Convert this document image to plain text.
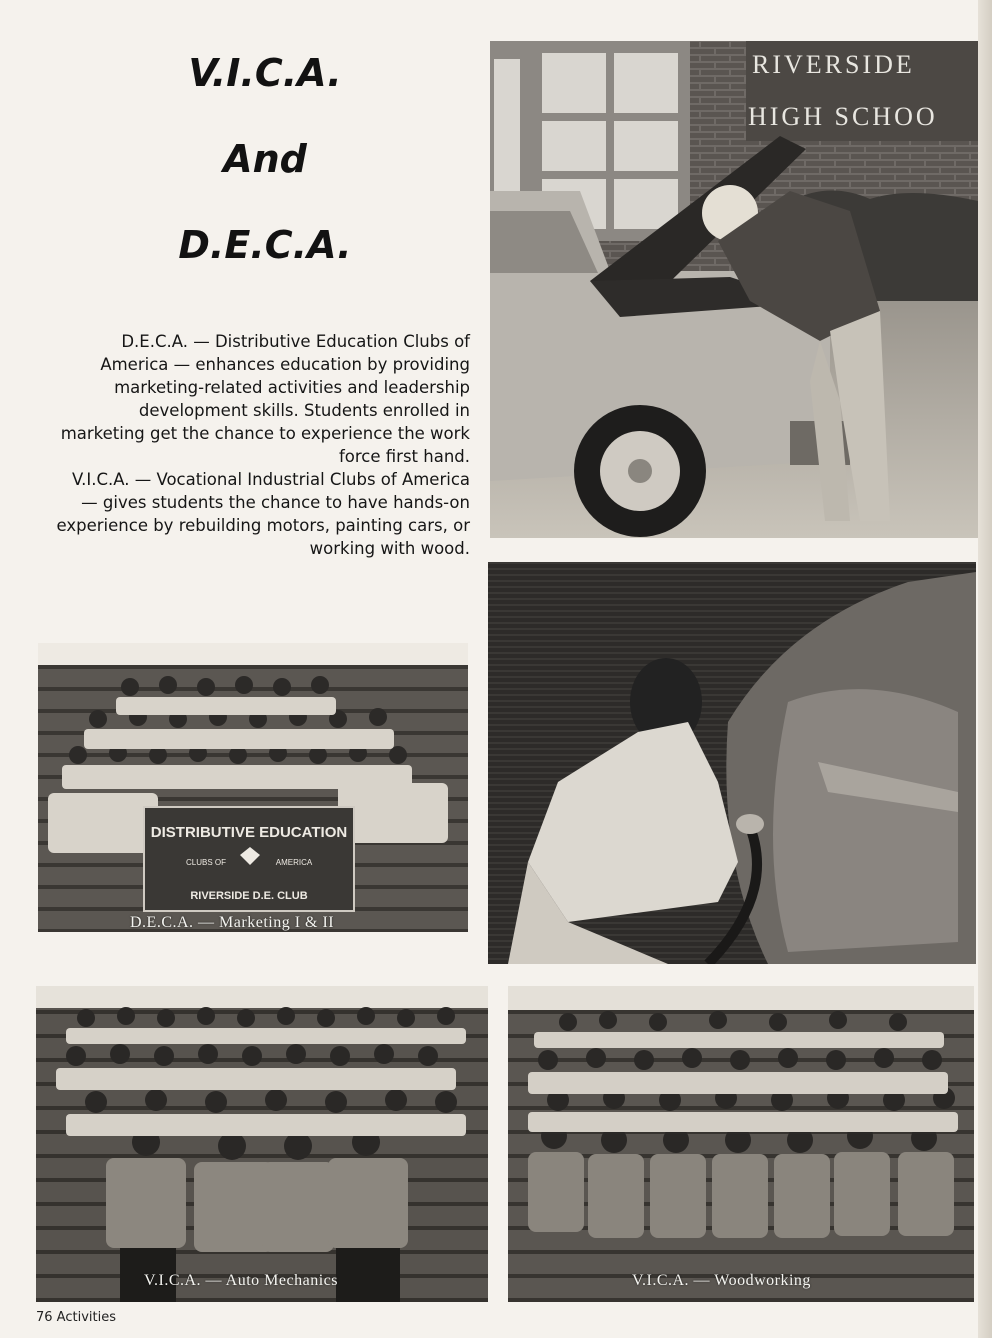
V.I.C.A.
And
D.E.C.A.

D.E.C.A. — Distributive Education Clubs of America — enhances education by providing marketing-related activities and leadership development skills. Students enrolled in marketing get the chance to experience the work force first hand.

V.I.C.A. — Vocational Industrial Clubs of America — gives students the chance to have hands-on experience by rebuilding motors, painting cars, or working with wood.

RIVERSIDE
HIGH SCHOO
DISTRIBUTIVE EDUCATION
CLUBS OF	AMERICA
RIVERSIDE D.E. CLUB
D.E.C.A. — Marketing I & II
V.I.C.A. — Auto Mechanics	V.I.C.A. — Woodworking
76 Activities
